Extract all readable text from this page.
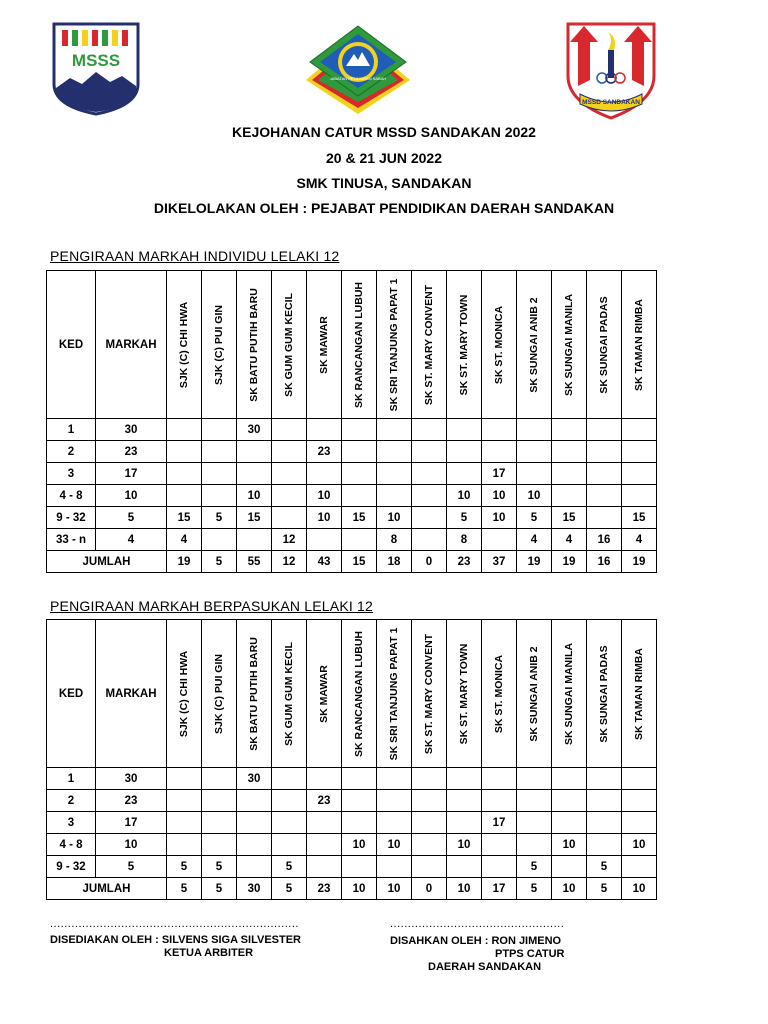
MSSS
JABATAN PELAJARAN SABAH
MSSD SANDAKAN
KEJOHANAN CATUR MSSD SANDAKAN 2022
20 & 21 JUN 2022
SMK TINUSA, SANDAKAN
DIKELOLAKAN OLEH : PEJABAT PENDIDIKAN DAERAH SANDAKAN
PENGIRAAN MARKAH INDIVIDU LELAKI 12
KED	MARKAH	SJK (C) CHI HWA	SJK (C) PUI GIN	SK BATU PUTIH BARU	SK GUM GUM KECIL	SK MAWAR	SK RANCANGAN LUBUH	SK SRI TANJUNG PAPAT 1	SK ST. MARY CONVENT	SK ST. MARY TOWN	SK ST. MONICA	SK SUNGAI ANIB 2	SK SUNGAI MANILA	SK SUNGAI PADAS	SK TAMAN RIMBA

1	30			30											
2	23					23									
3	17										17				
4 - 8	10			10		10				10	10	10			
9 - 32	5	15	5	15		10	15	10		5	10	5	15		15
33 - n	4	4			12			8		8		4	4	16	4
JUMLAH		19	5	55	12	43	15	18	0	23	37	19	19	16	19
PENGIRAAN MARKAH BERPASUKAN LELAKI 12
KED	MARKAH	SJK (C) CHI HWA	SJK (C) PUI GIN	SK BATU PUTIH BARU	SK GUM GUM KECIL	SK MAWAR	SK RANCANGAN LUBUH	SK SRI TANJUNG PAPAT 1	SK ST. MARY CONVENT	SK ST. MARY TOWN	SK ST. MONICA	SK SUNGAI ANIB 2	SK SUNGAI MANILA	SK SUNGAI PADAS	SK TAMAN RIMBA

1	30			30											
2	23					23									
3	17										17				
4 - 8	10						10	10		10			10		10
9 - 32	5	5	5		5							5		5	
JUMLAH		5	5	30	5	23	10	10	0	10	17	5	10	5	10
......................................................................	.................................................
DISEDIAKAN OLEH : SILVENS SIGA SILVESTER
KETUA ARBITER
DISAHKAN OLEH : RON JIMENO
PTPS CATUR
DAERAH SANDAKAN
